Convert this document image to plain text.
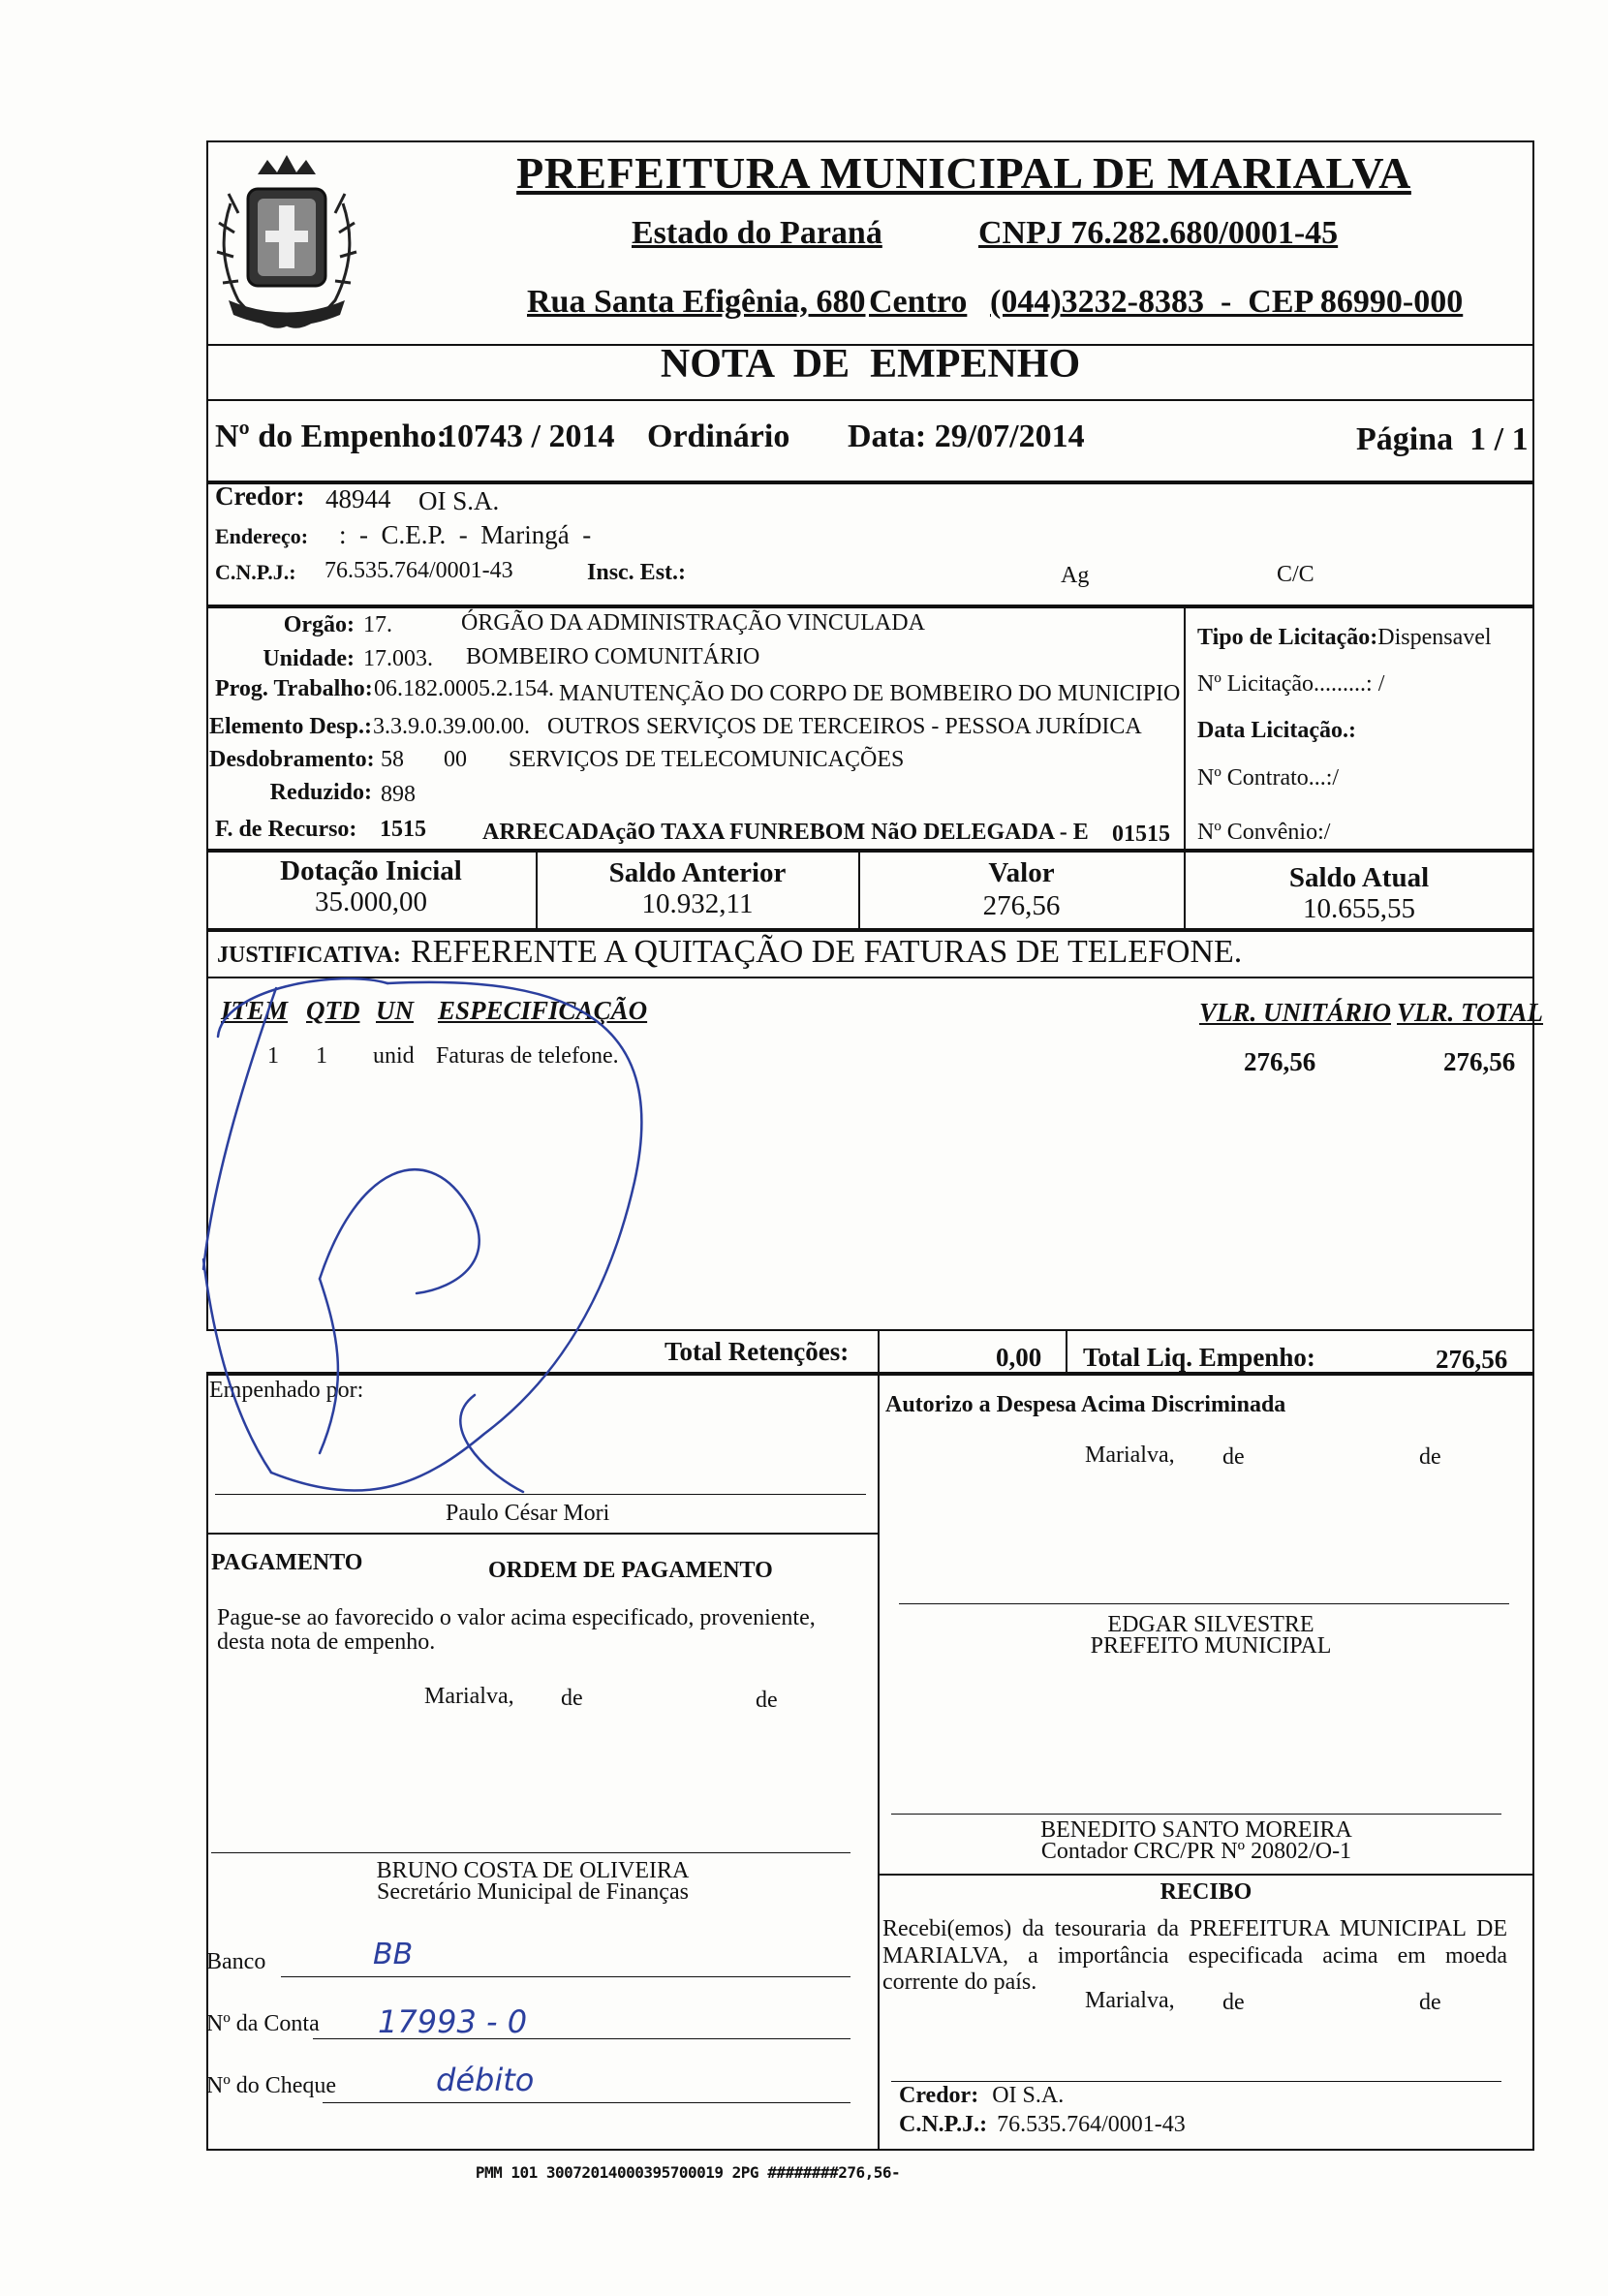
PREFEITURA MUNICIPAL DE MARIALVA
Estado do Paraná	CNPJ 76.282.680/0001-45
Rua Santa Efigênia, 680 Centro (044)3232-8383  -  CEP 86990-000
NOTA  DE  EMPENHO
Nº do Empenho:
10743 / 2014 Ordinário Data: 29/07/2014	Página  1 / 1
Credor: 48944 OI S.A.
Endereço: :  -  C.E.P.  -  Maringá  -
C.N.P.J.: 76.535.764/0001-43	Insc. Est.:	Ag	C/C
Orgão: 17.	ÓRGÃO DA ADMINISTRAÇÃO VINCULADA
Unidade: 17.003. BOMBEIRO COMUNITÁRIO
Prog. Trabalho: 06.182.0005.2.154. MANUTENÇÃO DO CORPO DE BOMBEIRO DO MUNICIPIO
Elemento Desp.: 3.3.9.0.39.00.00. OUTROS SERVIÇOS DE TERCEIROS - PESSOA JURÍDICA
Desdobramento: 58 00 SERVIÇOS DE TELECOMUNICAÇÕES
Reduzido: 898
F. de Recurso: 1515 ARRECADAçãO TAXA FUNREBOM NãO DELEGADA - E 01515
Tipo de Licitação:Dispensavel
Nº Licitação.........: /
Data Licitação.:
Nº Contrato...:/
Nº Convênio:/
Dotação Inicial
35.000,00
Saldo Anterior
10.932,11
Valor
276,56
Saldo Atual
10.655,55
JUSTIFICATIVA: REFERENTE A QUITAÇÃO DE FATURAS DE TELEFONE.
ITEM QTD UN ESPECIFICAÇÃO	VLR. UNITÁRIO VLR. TOTAL
1 1 unid Faturas de telefone.	276,56	276,56
Total Retenções:	0,00 Total Liq. Empenho:	276,56
Empenhado por:
Paulo César Mori
Autorizo a Despesa Acima Discriminada
Marialva, de	de
EDGAR SILVESTRE
PREFEITO MUNICIPAL
PAGAMENTO	ORDEM DE PAGAMENTO
Pague-se ao favorecido o valor acima especificado, proveniente, desta nota de empenho.
Marialva, de	de
BENEDITO SANTO MOREIRA
Contador CRC/PR Nº 20802/O-1
BRUNO COSTA DE OLIVEIRA
Secretário Municipal de Finanças	RECIBO
Recebi(emos) da tesouraria da PREFEITURA MUNICIPAL DE MARIALVA, a importância especificada acima em moeda corrente do país.
Marialva, de	de
Credor: OI S.A.
C.N.P.J.: 76.535.764/0001-43
Banco	BB
Nº da Conta 17993 - 0
Nº do Cheque	débito
PMM 101 30072014000395700019 2PG ########276,56-
